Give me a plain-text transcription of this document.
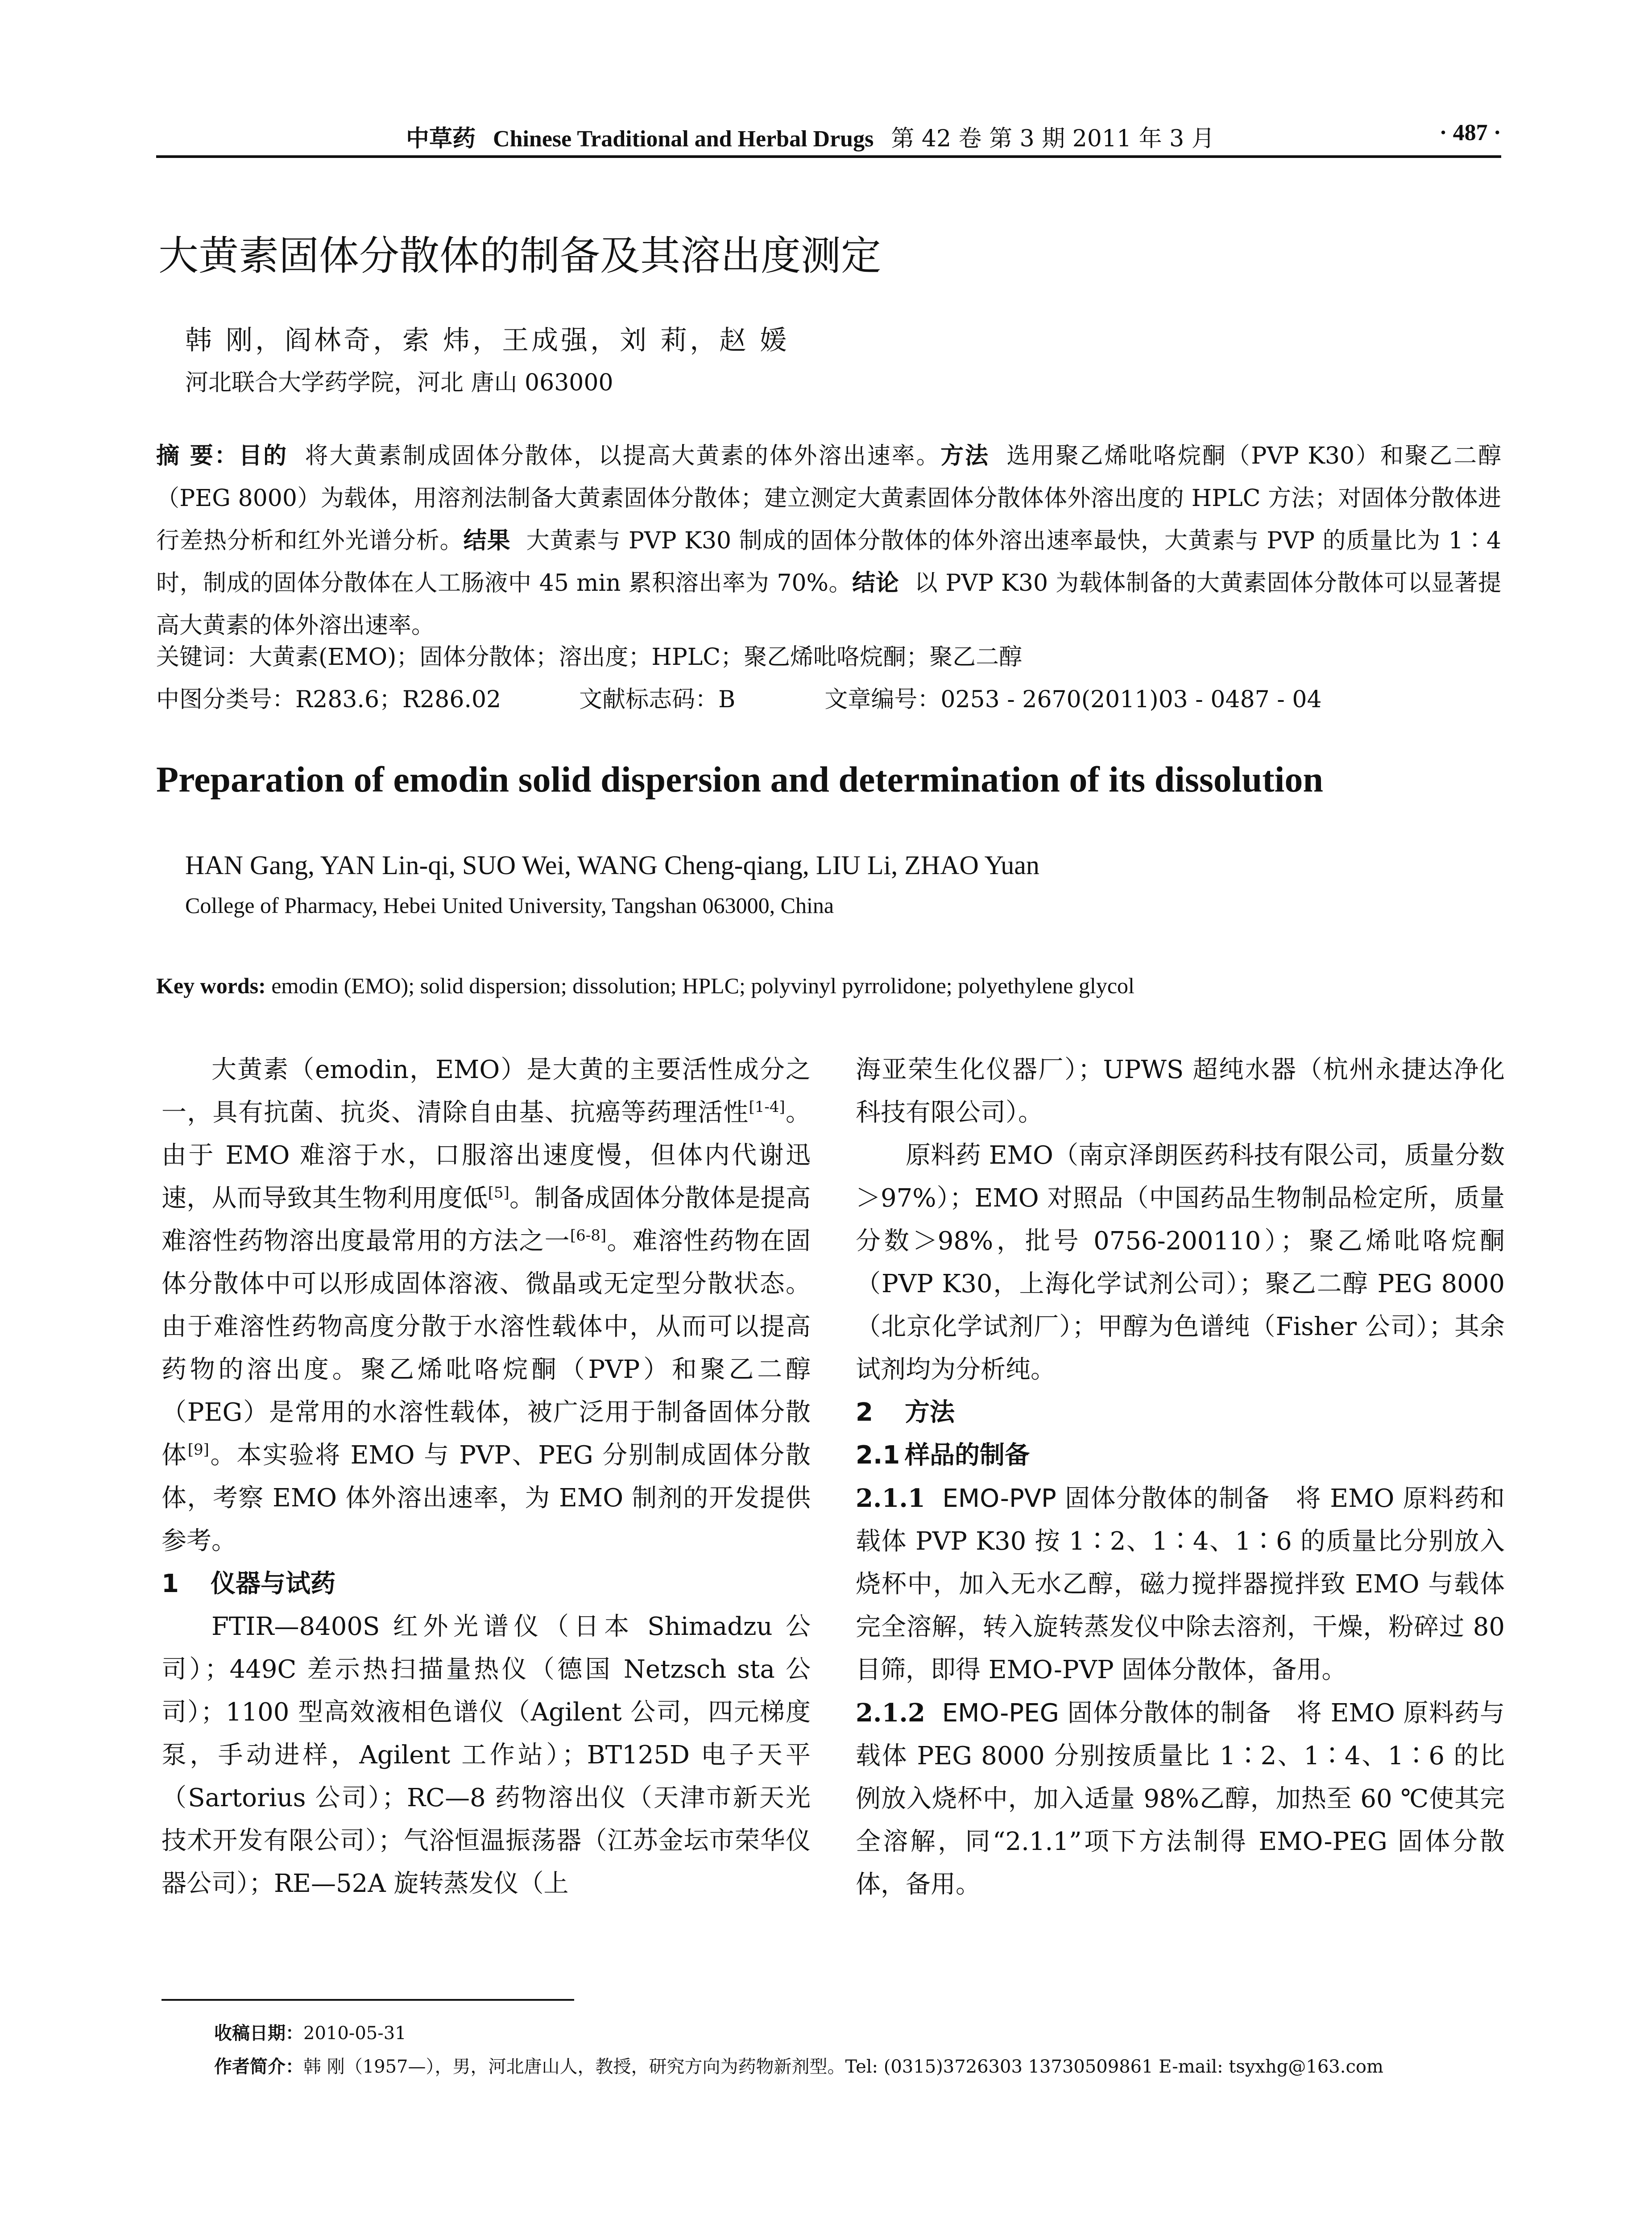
中草药 Chinese Traditional and Herbal Drugs 第 42 卷 第 3 期 2011 年 3 月	· 487 ·
大黄素固体分散体的制备及其溶出度测定
韩 刚，阎林奇，索 炜，王成强，刘 莉，赵 媛
河北联合大学药学院，河北 唐山 063000
摘 要：目的 将大黄素制成固体分散体，以提高大黄素的体外溶出速率。方法 选用聚乙烯吡咯烷酮（PVP K30）和聚乙二醇（PEG 8000）为载体，用溶剂法制备大黄素固体分散体；建立测定大黄素固体分散体体外溶出度的 HPLC 方法；对固体分散体进行差热分析和红外光谱分析。结果 大黄素与 PVP K30 制成的固体分散体的体外溶出速率最快，大黄素与 PVP 的质量比为 1∶4 时，制成的固体分散体在人工肠液中 45 min 累积溶出率为 70%。结论 以 PVP K30 为载体制备的大黄素固体分散体可以显著提高大黄素的体外溶出速率。
关键词：大黄素(EMO)；固体分散体；溶出度；HPLC；聚乙烯吡咯烷酮；聚乙二醇
中图分类号：R283.6；R286.02	文献标志码：B	文章编号：0253 - 2670(2011)03 - 0487 - 04
Preparation of emodin solid dispersion and determination of its dissolution
HAN Gang, YAN Lin-qi, SUO Wei, WANG Cheng-qiang, LIU Li, ZHAO Yuan
College of Pharmacy, Hebei United University, Tangshan 063000, China
Key words: emodin (EMO); solid dispersion; dissolution; HPLC; polyvinyl pyrrolidone; polyethylene glycol

大黄素（emodin，EMO）是大黄的主要活性成分之一，具有抗菌、抗炎、清除自由基、抗癌等药理活性[1-4]。由于 EMO 难溶于水，口服溶出速度慢，但体内代谢迅速，从而导致其生物利用度低[5]。制备成固体分散体是提高难溶性药物溶出度最常用的方法之一[6-8]。难溶性药物在固体分散体中可以形成固体溶液、微晶或无定型分散状态。由于难溶性药物高度分散于水溶性载体中，从而可以提高药物的溶出度。聚乙烯吡咯烷酮（PVP）和聚乙二醇（PEG）是常用的水溶性载体，被广泛用于制备固体分散体[9]。本实验将 EMO 与 PVP、PEG 分别制成固体分散体，考察 EMO 体外溶出速率，为 EMO 制剂的开发提供参考。

1 仪器与试药

FTIR—8400S 红外光谱仪（日本 Shimadzu 公司）；449C 差示热扫描量热仪（德国 Netzsch sta 公司）；1100 型高效液相色谱仪（Agilent 公司，四元梯度泵，手动进样，Agilent 工作站）；BT125D 电子天平（Sartorius 公司）；RC—8 药物溶出仪（天津市新天光技术开发有限公司）；气浴恒温振荡器（江苏金坛市荣华仪器公司）；RE—52A 旋转蒸发仪（上

海亚荣生化仪器厂）；UPWS 超纯水器（杭州永捷达净化科技有限公司）。

原料药 EMO（南京泽朗医药科技有限公司，质量分数＞97%）；EMO 对照品（中国药品生物制品检定所，质量分数＞98%，批号 0756-200110）；聚乙烯吡咯烷酮（PVP K30，上海化学试剂公司）；聚乙二醇 PEG 8000（北京化学试剂厂）；甲醇为色谱纯（Fisher 公司）；其余试剂均为分析纯。

2 方法

2.1 样品的制备

2.1.1 EMO-PVP 固体分散体的制备 将 EMO 原料药和载体 PVP K30 按 1∶2、1∶4、1∶6 的质量比分别放入烧杯中，加入无水乙醇，磁力搅拌器搅拌致 EMO 与载体完全溶解，转入旋转蒸发仪中除去溶剂，干燥，粉碎过 80 目筛，即得 EMO-PVP 固体分散体，备用。

2.1.2 EMO-PEG 固体分散体的制备 将 EMO 原料药与载体 PEG 8000 分别按质量比 1∶2、1∶4、1∶6 的比例放入烧杯中，加入适量 98%乙醇，加热至 60 ℃使其完全溶解，同“2.1.1”项下方法制得 EMO-PEG 固体分散体，备用。

收稿日期：2010-05-31
作者简介：韩 刚（1957—），男，河北唐山人，教授，研究方向为药物新剂型。Tel: (0315)3726303 13730509861 E-mail: tsyxhg@163.com
